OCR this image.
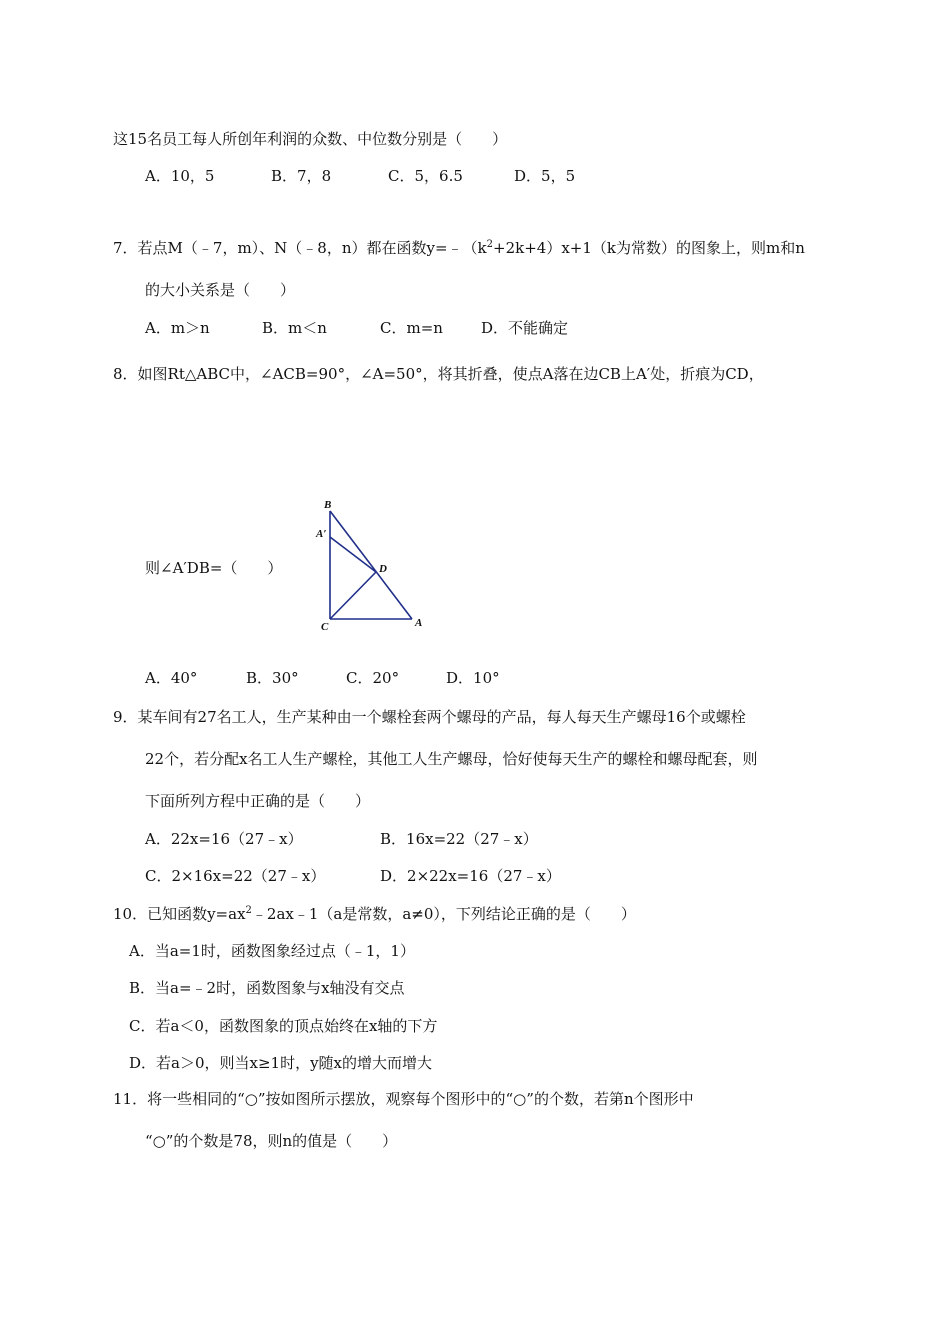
这15名员工每人所创年利润的众数、中位数分别是（　　）
A．10，5	B．7，8	C．5，6.5	D．5，5
7．若点M（﹣7，m）、N（﹣8，n）都在函数$y=﹣(k^2+2k+4)x+1(k$为常数）的图象上，则m和n
的大小关系是（　　）
A．m＞n	B．m＜n	C．m=n	D．不能确定
8．如图Rt△ABC中，∠ACB=90°，∠A=50°，将其折叠，使点A落在边CB上A′处，折痕为CD，
则∠A′DB=（　　）
B
A′
D
C	A
A．40°	B．30°	C．20°	D．10°
9．某车间有27名工人，生产某种由一个螺栓套两个螺母的产品，每人每天生产螺母16个或螺栓
22个，若分配x名工人生产螺栓，其他工人生产螺母，恰好使每天生产的螺栓和螺母配套，则
下面所列方程中正确的是（　　）
A．22x=16（27﹣x）	B．16x=22（27﹣x）
C．2×16x=22（27﹣x）	D．2×22x=16（27﹣x）
10．已知函数$y=ax^2﹣2ax﹣1(a$是常数，a≠0），下列结论正确的是（　　）
A．当a=1时，函数图象经过点（﹣1，1）
B．当a=﹣2时，函数图象与x轴没有交点
C．若a＜0，函数图象的顶点始终在x轴的下方
D．若a＞0，则当x≥1时，y随x的增大而增大
11．将一些相同的“○”按如图所示摆放，观察每个图形中的“○”的个数，若第n个图形中
“○”的个数是78，则n的值是（　　）
